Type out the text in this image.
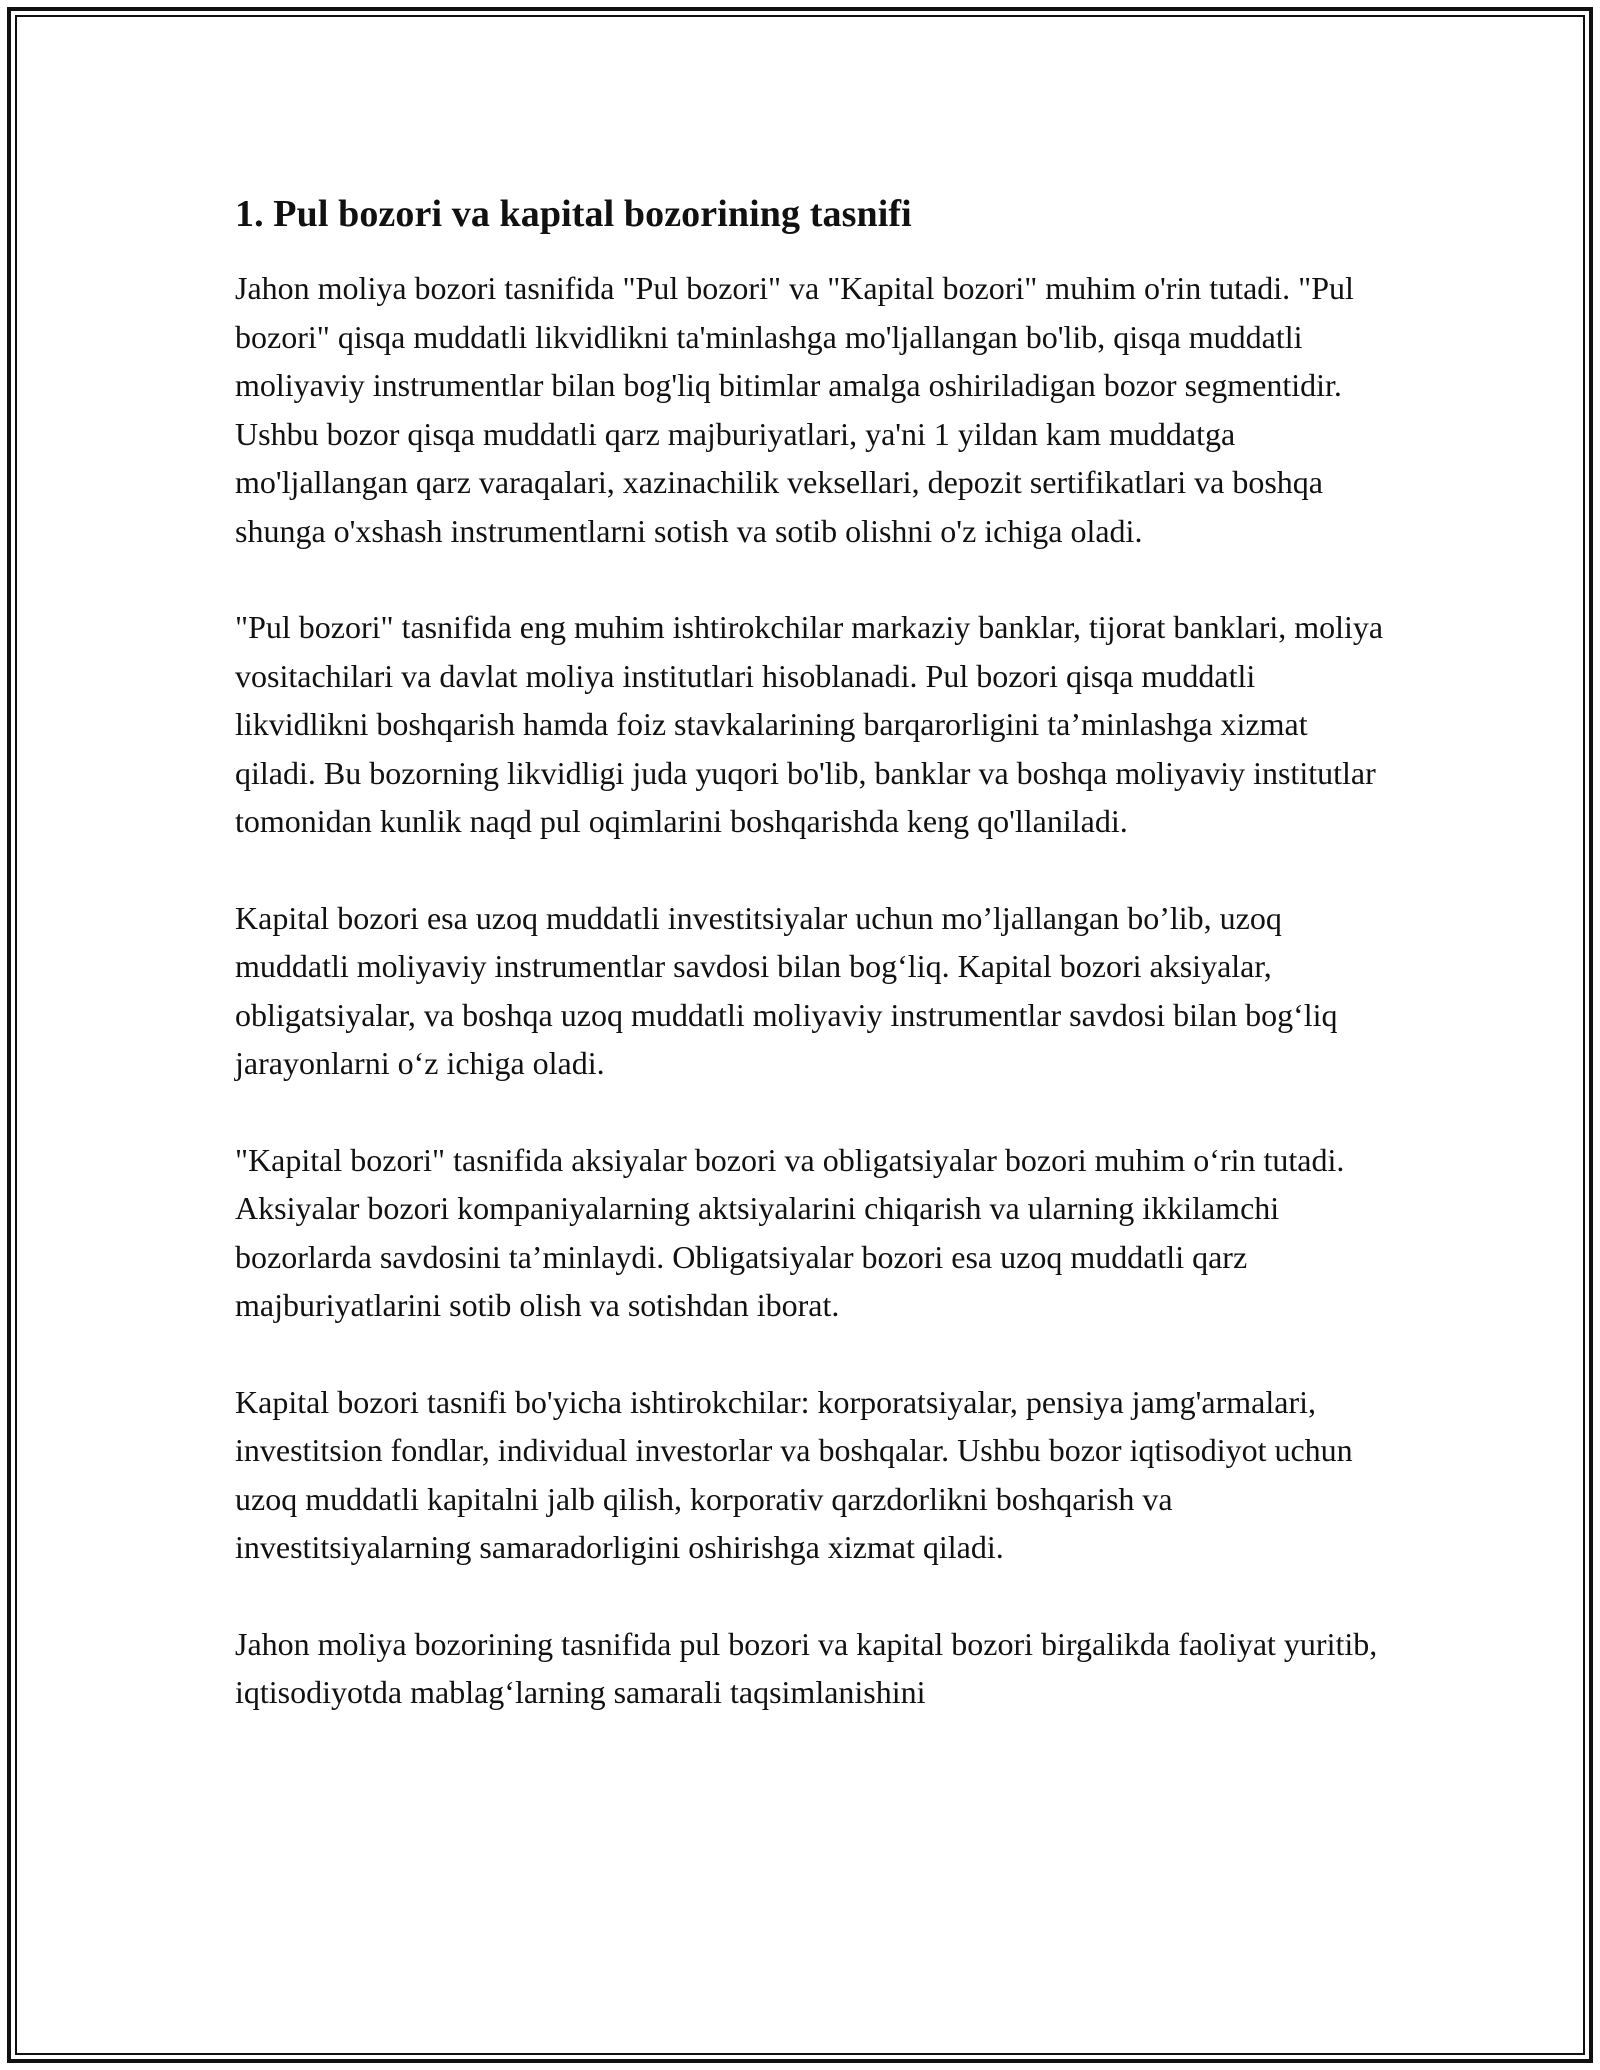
1. Pul bozori va kapital bozorining tasnifi

Jahon moliya bozori tasnifida "Pul bozori" va "Kapital bozori" muhim o'rin tutadi. "Pul bozori" qisqa muddatli likvidlikni ta'minlashga mo'ljallangan bo'lib, qisqa muddatli moliyaviy instrumentlar bilan bog'liq bitimlar amalga oshiriladigan bozor segmentidir. Ushbu bozor qisqa muddatli qarz majburiyatlari, ya'ni 1 yildan kam muddatga mo'ljallangan qarz varaqalari, xazinachilik veksellari, depozit sertifikatlari va boshqa shunga o'xshash instrumentlarni sotish va sotib olishni o'z ichiga oladi.

"Pul bozori" tasnifida eng muhim ishtirokchilar markaziy banklar, tijorat banklari, moliya vositachilari va davlat moliya institutlari hisoblanadi. Pul bozori qisqa muddatli likvidlikni boshqarish hamda foiz stavkalarining barqarorligini ta’minlashga xizmat qiladi. Bu bozorning likvidligi juda yuqori bo'lib, banklar va boshqa moliyaviy institutlar tomonidan kunlik naqd pul oqimlarini boshqarishda keng qo'llaniladi.

Kapital bozori esa uzoq muddatli investitsiyalar uchun mo’ljallangan bo’lib, uzoq muddatli moliyaviy instrumentlar savdosi bilan bog‘liq. Kapital bozori aksiyalar, obligatsiyalar, va boshqa uzoq muddatli moliyaviy instrumentlar savdosi bilan bog‘liq jarayonlarni o‘z ichiga oladi.

"Kapital bozori" tasnifida aksiyalar bozori va obligatsiyalar bozori muhim o‘rin tutadi. Aksiyalar bozori kompaniyalarning aktsiyalarini chiqarish va ularning ikkilamchi bozorlarda savdosini ta’minlaydi. Obligatsiyalar bozori esa uzoq muddatli qarz majburiyatlarini sotib olish va sotishdan iborat.

Kapital bozori tasnifi bo'yicha ishtirokchilar: korporatsiyalar, pensiya jamg'armalari, investitsion fondlar, individual investorlar va boshqalar. Ushbu bozor iqtisodiyot uchun uzoq muddatli kapitalni jalb qilish, korporativ qarzdorlikni boshqarish va investitsiyalarning samaradorligini oshirishga xizmat qiladi.

Jahon moliya bozorining tasnifida pul bozori va kapital bozori birgalikda faoliyat yuritib, iqtisodiyotda mablag‘larning samarali taqsimlanishini
